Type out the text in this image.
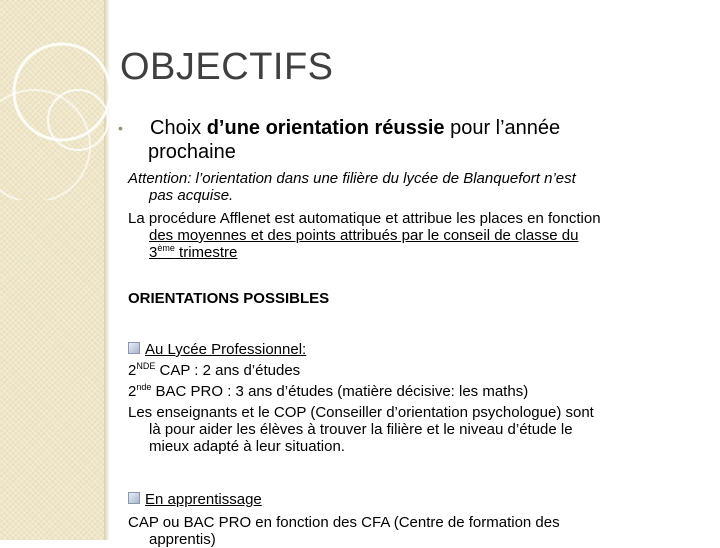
OBJECTIFS
• Choix d’une orientation réussie pour l’année
prochaine
Attention: l’orientation dans une filière du lycée de Blanquefort n’est
pas acquise.
La procédure Afflenet est automatique et attribue les places en fonction
des moyennes et des points attribués par le conseil de classe du
3ème trimestre
ORIENTATIONS POSSIBLES
Au Lycée Professionnel:
2NDE CAP : 2 ans d’études
2nde BAC PRO : 3 ans d’études (matière décisive: les maths)
Les enseignants et le COP (Conseiller d’orientation psychologue) sont
là pour aider les élèves à trouver la filière et le niveau d’étude le
mieux adapté à leur situation.
En apprentissage
CAP ou BAC PRO en fonction des CFA (Centre de formation des
apprentis)
